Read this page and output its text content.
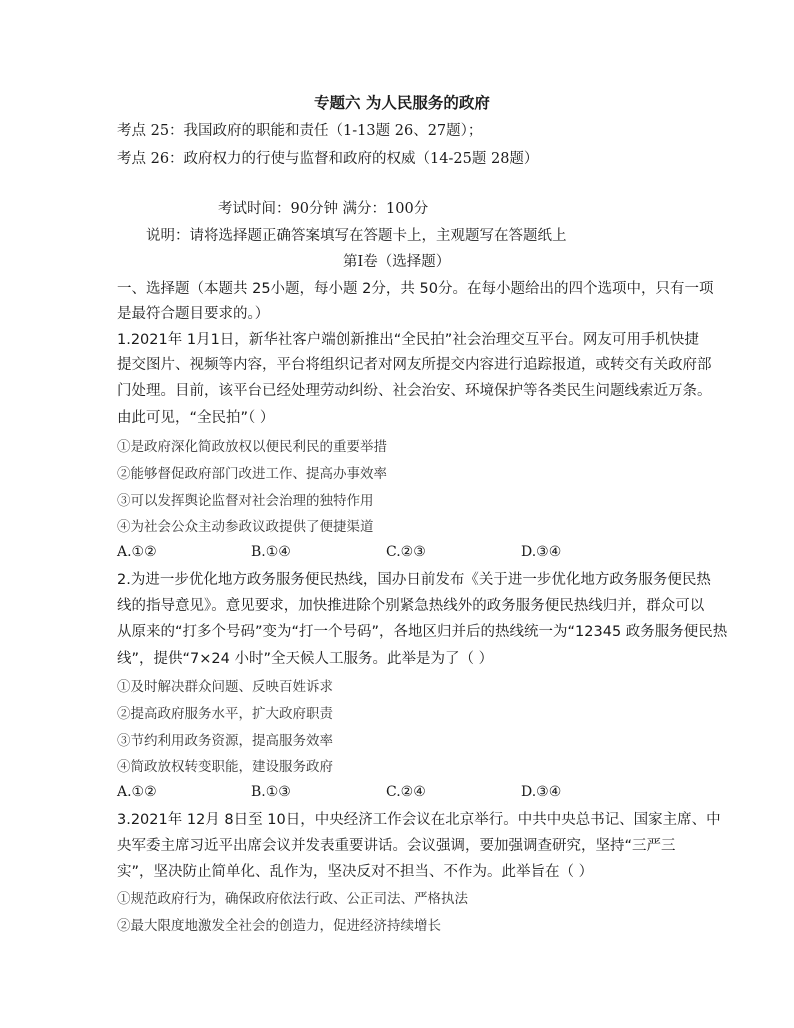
专题六 为人民服务的政府
考点 25：我国政府的职能和责任（1-13题 26、27题）；
考点 26：政府权力的行使与监督和政府的权威（14-25题 28题）
考试时间：90分钟 满分：100分
说明：请将选择题正确答案填写在答题卡上，主观题写在答题纸上
第Ⅰ卷（选择题）
一、选择题（本题共 25小题，每小题 2分，共 50分。在每小题给出的四个选项中，只有一项
是最符合题目要求的。）
1.2021年 1月1日，新华社客户端创新推出“全民拍”社会治理交互平台。网友可用手机快捷
提交图片、视频等内容，平台将组织记者对网友所提交内容进行追踪报道，或转交有关政府部
门处理。目前，该平台已经处理劳动纠纷、社会治安、环境保护等各类民生问题线索近万条。
由此可见，“全民拍”（ ）
①是政府深化简政放权以便民利民的重要举措
②能够督促政府部门改进工作、提高办事效率
③可以发挥舆论监督对社会治理的独特作用
④为社会公众主动参政议政提供了便捷渠道
A.①②	B.①④	C.②③	D.③④
2.为进一步优化地方政务服务便民热线，国办日前发布《关于进一步优化地方政务服务便民热
线的指导意见》。意见要求，加快推进除个别紧急热线外的政务服务便民热线归并，群众可以
从原来的“打多个号码”变为“打一个号码”，各地区归并后的热线统一为“12345 政务服务便民热
线”，提供“7×24 小时”全天候人工服务。此举是为了（ ）
①及时解决群众问题、反映百姓诉求
②提高政府服务水平，扩大政府职责
③节约利用政务资源，提高服务效率
④简政放权转变职能，建设服务政府
A.①②	B.①③	C.②④	D.③④
3.2021年 12月 8日至 10日，中央经济工作会议在北京举行。中共中央总书记、国家主席、中
央军委主席习近平出席会议并发表重要讲话。会议强调，要加强调查研究，坚持“三严三
实”，坚决防止简单化、乱作为，坚决反对不担当、不作为。此举旨在（ ）
①规范政府行为，确保政府依法行政、公正司法、严格执法
②最大限度地激发全社会的创造力，促进经济持续增长
